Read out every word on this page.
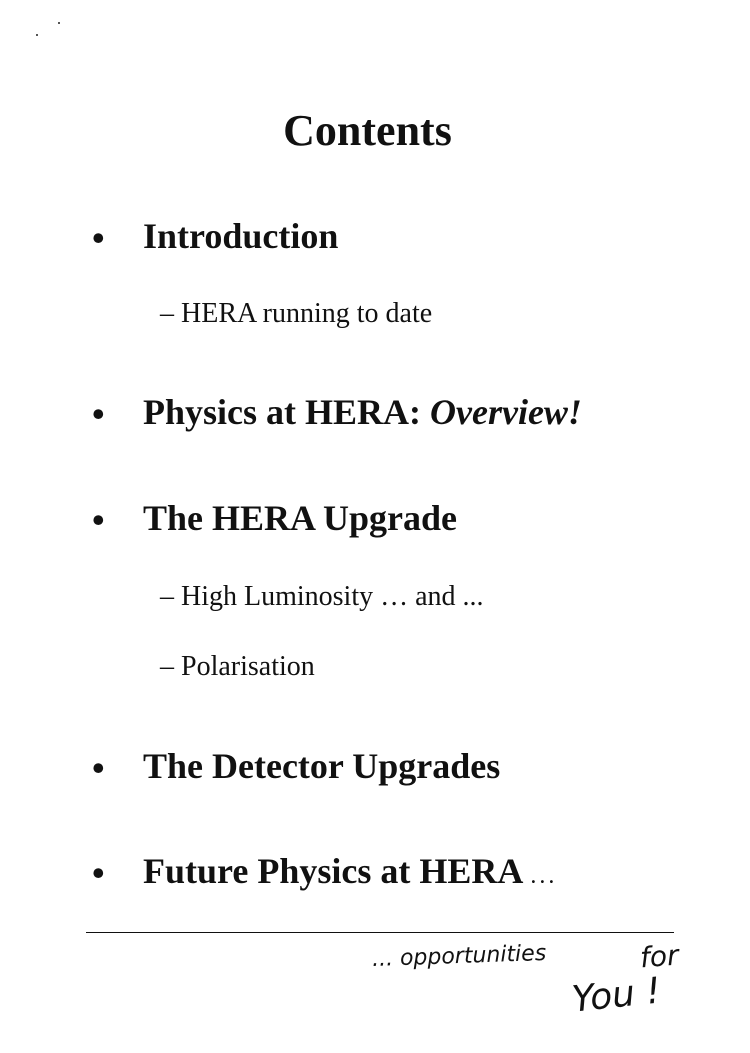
Contents
• Introduction
– HERA running to date
• Physics at HERA: Overview!
• The HERA Upgrade
– High Luminosity … and ...
– Polarisation
• The Detector Upgrades
• Future Physics at HERA ...
... opportunities	for
You !
